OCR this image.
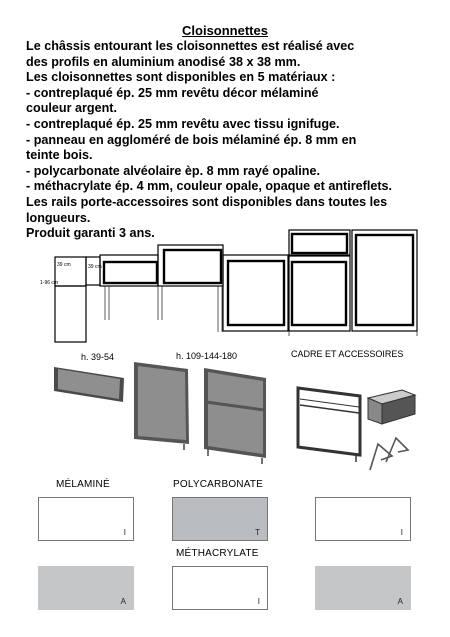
Cloisonnettes
Le châssis entourant les cloisonnettes est réalisé avec
des profils en aluminium anodisé 38 x 38 mm.
Les cloisonnettes sont disponibles en 5 matériaux :
- contreplaqué ép. 25 mm revêtu décor mélaminé
couleur argent.
- contreplaqué ép. 25 mm revêtu avec tissu ignifuge.
- panneau en aggloméré de bois mélaminé ép. 8 mm en
teinte bois.
- polycarbonate alvéolaire èp. 8 mm rayé opaline.
- méthacrylate ép. 4 mm, couleur opale, opaque et antireflets.
Les rails porte-accessoires sont disponibles dans toutes les
longueurs.
Produit garanti 3 ans.
1-96 cm
39 cm	39 cm
h. 39-54	h. 109-144-180	CADRE ET ACCESSOIRES
MÉLAMINÉ	POLYCARBONATE
MÉTHACRYLATE
I	T	I
A	I	A
